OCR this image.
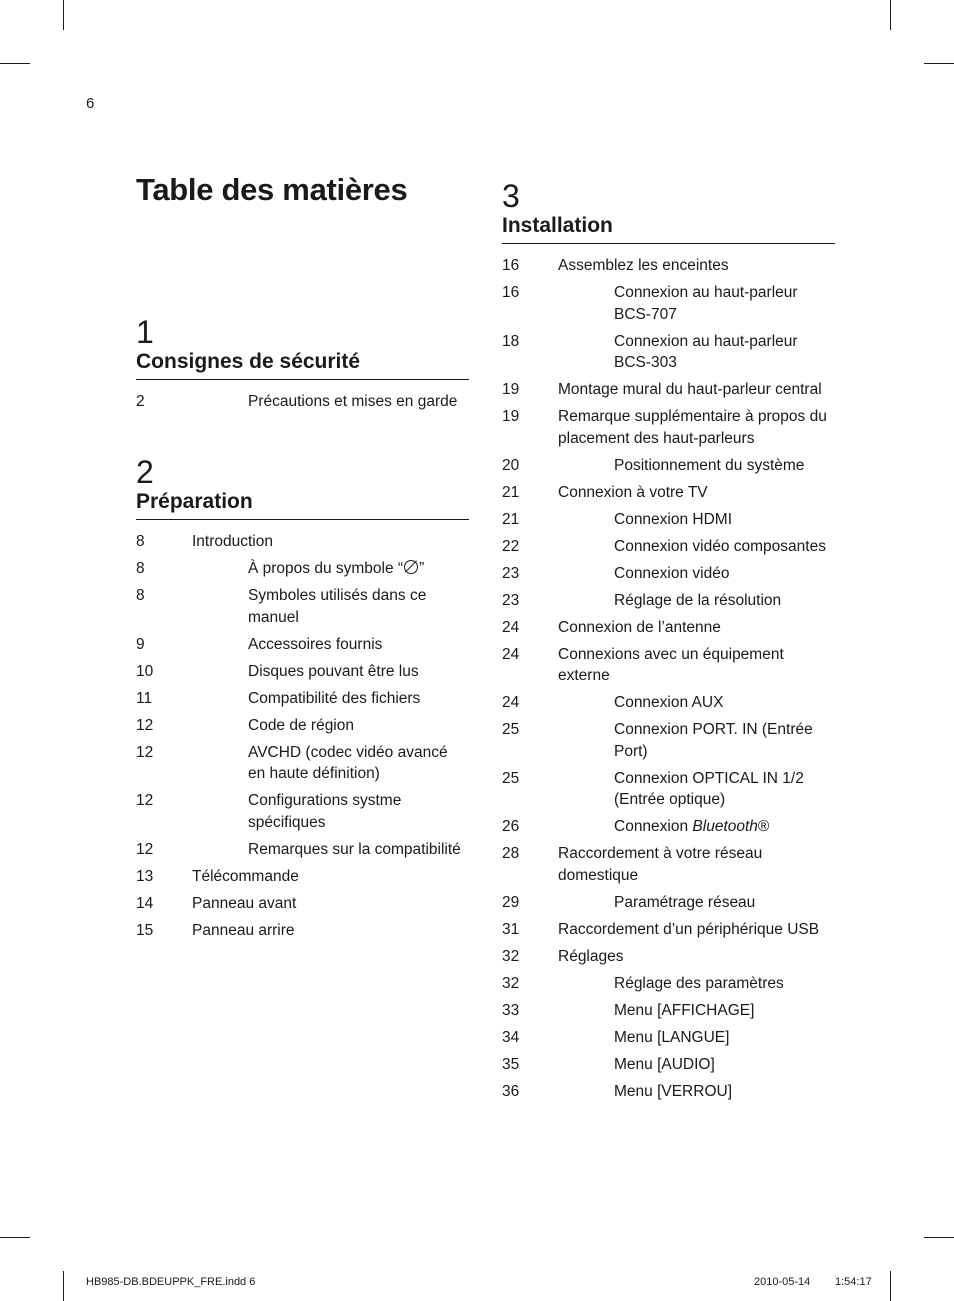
6
Table des matières
1
Consignes de sécurité
2	Précautions et mises en garde
2
Préparation
8	Introduction
8	À propos du symbole “ ”
8	Symboles utilisés dans ce manuel
9	Accessoires fournis
10	Disques pouvant être lus
11	Compatibilité des fichiers
12	Code de région
12	AVCHD (codec vidéo avancé en haute définition)
12	Configurations systme spécifiques
12	Remarques sur la compatibilité
13	Télécommande
14	Panneau avant
15	Panneau arrire
3
Installation
16	Assemblez les enceintes
16	Connexion au haut-parleur BCS-707
18	Connexion au haut-parleur BCS-303
19	Montage mural du haut-parleur central
19	Remarque supplémentaire à propos du placement des haut-parleurs
20	Positionnement du système
21	Connexion à votre TV
21	Connexion HDMI
22	Connexion vidéo composantes
23	Connexion vidéo
23	Réglage de la résolution
24	Connexion de l’antenne
24	Connexions avec un équipement externe
24	Connexion AUX
25	Connexion PORT. IN (Entrée Port)
25	Connexion OPTICAL IN 1/2 (Entrée optique)
26	Connexion Bluetooth®
28	Raccordement à votre réseau domestique
29	Paramétrage réseau
31	Raccordement d’un périphérique USB
32	Réglages
32	Réglage des paramètres
33	Menu [AFFICHAGE]
34	Menu [LANGUE]
35	Menu [AUDIO]
36	Menu [VERROU]
HB985-DB.BDEUPPK_FRE.indd 6	2010-05-14 1:54:17
